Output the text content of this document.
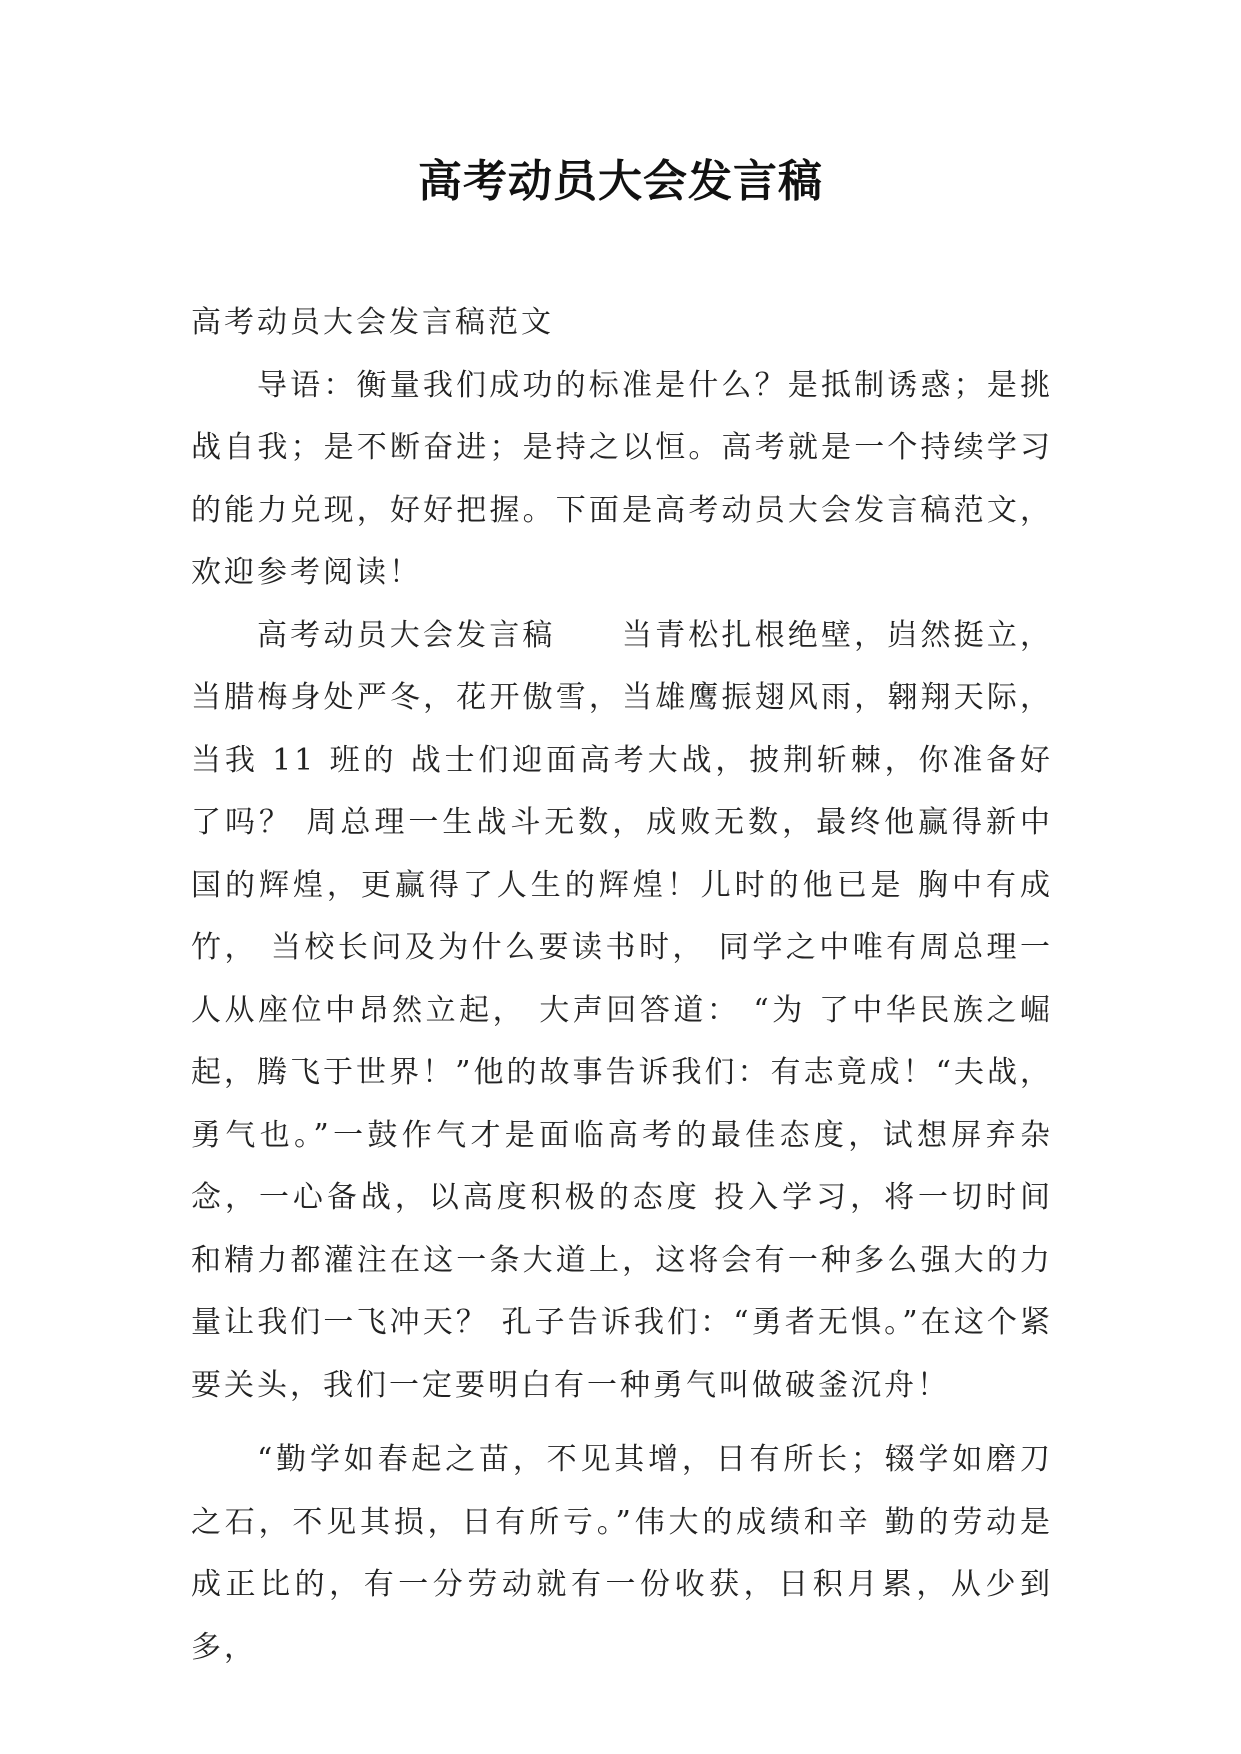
高考动员大会发言稿

高考动员大会发言稿范文

导语：衡量我们成功的标准是什么？是抵制诱惑；是挑战自我；是不断奋进；是持之以恒。高考就是一个持续学习的能力兑现，好好把握。下面是高考动员大会发言稿范文，欢迎参考阅读！

高考动员大会发言稿　　当青松扎根绝壁，岿然挺立，当腊梅身处严冬，花开傲雪，当雄鹰振翅风雨，翱翔天际，当我 11 班的 战士们迎面高考大战，披荆斩棘，你准备好了吗？ 周总理一生战斗无数，成败无数，最终他赢得新中国的辉煌，更赢得了人生的辉煌！儿时的他已是 胸中有成竹， 当校长问及为什么要读书时， 同学之中唯有周总理一人从座位中昂然立起， 大声回答道： “为 了中华民族之崛起，腾飞于世界！”他的故事告诉我们：有志竟成！“夫战，勇气也。”一鼓作气才是面临高考的最佳态度，试想屏弃杂念，一心备战，以高度积极的态度 投入学习，将一切时间和精力都灌注在这一条大道上，这将会有一种多么强大的力量让我们一飞冲天？ 孔子告诉我们：“勇者无惧。”在这个紧要关头，我们一定要明白有一种勇气叫做破釜沉舟！

“勤学如春起之苗，不见其增，日有所长；辍学如磨刀之石，不见其损，日有所亏。”伟大的成绩和辛 勤的劳动是成正比的，有一分劳动就有一份收获，日积月累，从少到多，
